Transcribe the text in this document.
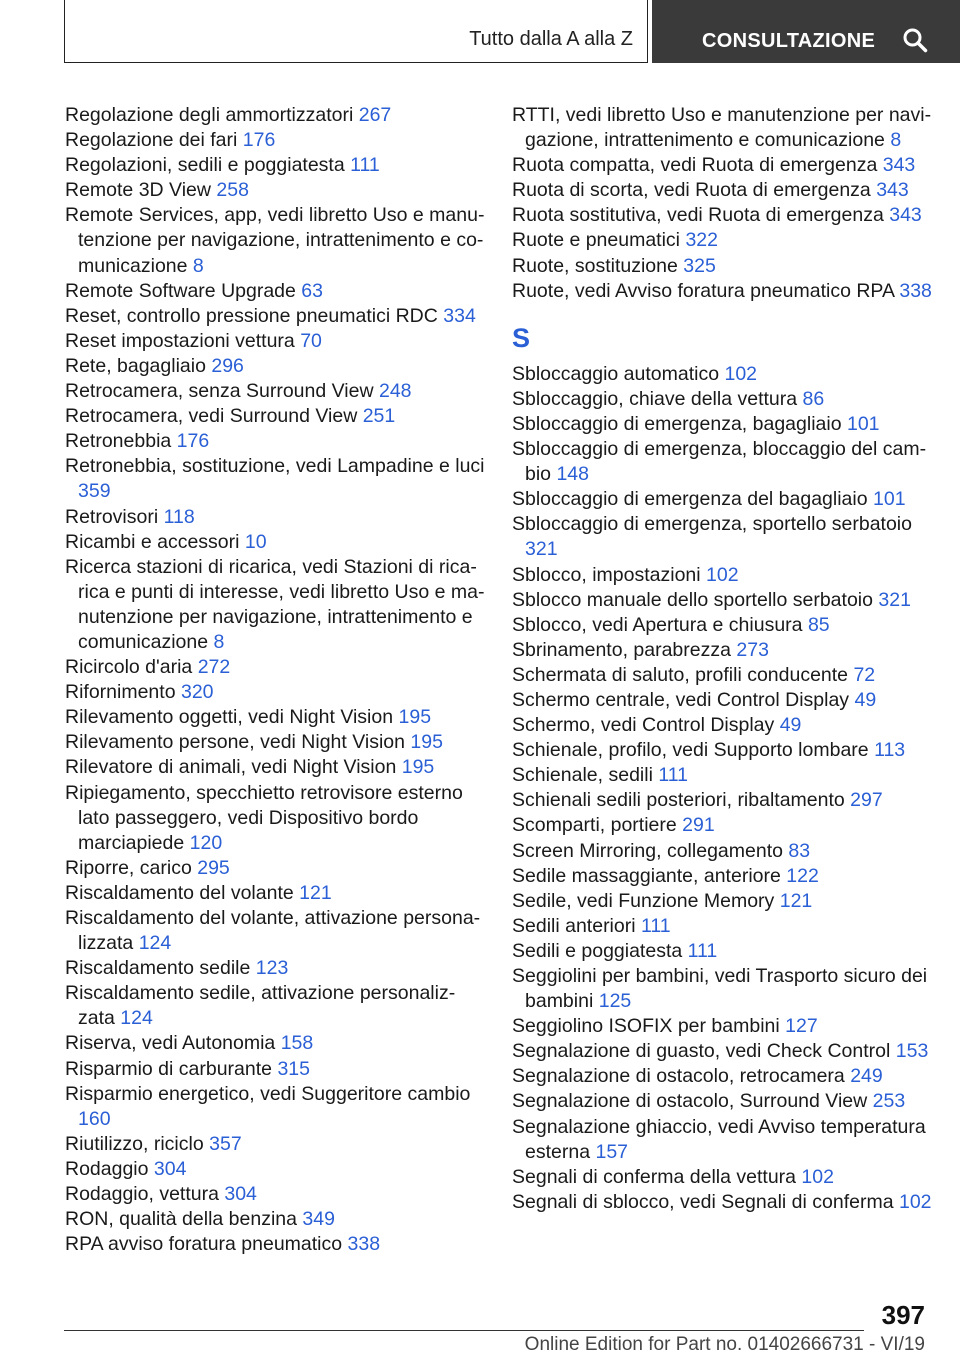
Tutto dalla A alla Z	CONSULTAZIONE
Regolazione degli ammortizzatori 267
Regolazione dei fari 176
Regolazioni, sedili e poggiatesta 111
Remote 3D View 258
Remote Services, app, vedi libretto Uso e manutenzione per navigazione, intrattenimento e comunicazione 8
Remote Software Upgrade 63
Reset, controllo pressione pneumatici RDC 334
Reset impostazioni vettura 70
Rete, bagagliaio 296
Retrocamera, senza Surround View 248
Retrocamera, vedi Surround View 251
Retronebbia 176
Retronebbia, sostituzione, vedi Lampadine e luci 359
Retrovisori 118
Ricambi e accessori 10
Ricerca stazioni di ricarica, vedi Stazioni di ricarica e punti di interesse, vedi libretto Uso e manutenzione per navigazione, intrattenimento e comunicazione 8
Ricircolo d'aria 272
Rifornimento 320
Rilevamento oggetti, vedi Night Vision 195
Rilevamento persone, vedi Night Vision 195
Rilevatore di animali, vedi Night Vision 195
Ripiegamento, specchietto retrovisore esterno lato passeggero, vedi Dispositivo bordo marciapiede 120
Riporre, carico 295
Riscaldamento del volante 121
Riscaldamento del volante, attivazione personalizzata 124
Riscaldamento sedile 123
Riscaldamento sedile, attivazione personalizzata 124
Riserva, vedi Autonomia 158
Risparmio di carburante 315
Risparmio energetico, vedi Suggeritore cambio 160
Riutilizzo, riciclo 357
Rodaggio 304
Rodaggio, vettura 304
RON, qualità della benzina 349
RPA avviso foratura pneumatico 338
RTTI, vedi libretto Uso e manutenzione per navigazione, intrattenimento e comunicazione 8
Ruota compatta, vedi Ruota di emergenza 343
Ruota di scorta, vedi Ruota di emergenza 343
Ruota sostitutiva, vedi Ruota di emergenza 343
Ruote e pneumatici 322
Ruote, sostituzione 325
Ruote, vedi Avviso foratura pneumatico RPA 338
S
Sbloccaggio automatico 102
Sbloccaggio, chiave della vettura 86
Sbloccaggio di emergenza, bagagliaio 101
Sbloccaggio di emergenza, bloccaggio del cambio 148
Sbloccaggio di emergenza del bagagliaio 101
Sbloccaggio di emergenza, sportello serbatoio 321
Sblocco, impostazioni 102
Sblocco manuale dello sportello serbatoio 321
Sblocco, vedi Apertura e chiusura 85
Sbrinamento, parabrezza 273
Schermata di saluto, profili conducente 72
Schermo centrale, vedi Control Display 49
Schermo, vedi Control Display 49
Schienale, profilo, vedi Supporto lombare 113
Schienale, sedili 111
Schienali sedili posteriori, ribaltamento 297
Scomparti, portiere 291
Screen Mirroring, collegamento 83
Sedile massaggiante, anteriore 122
Sedile, vedi Funzione Memory 121
Sedili anteriori 111
Sedili e poggiatesta 111
Seggiolini per bambini, vedi Trasporto sicuro dei bambini 125
Seggiolino ISOFIX per bambini 127
Segnalazione di guasto, vedi Check Control 153
Segnalazione di ostacolo, retrocamera 249
Segnalazione di ostacolo, Surround View 253
Segnalazione ghiaccio, vedi Avviso temperatura esterna 157
Segnali di conferma della vettura 102
Segnali di sblocco, vedi Segnali di conferma 102
397
Online Edition for Part no. 01402666731 - VI/19
